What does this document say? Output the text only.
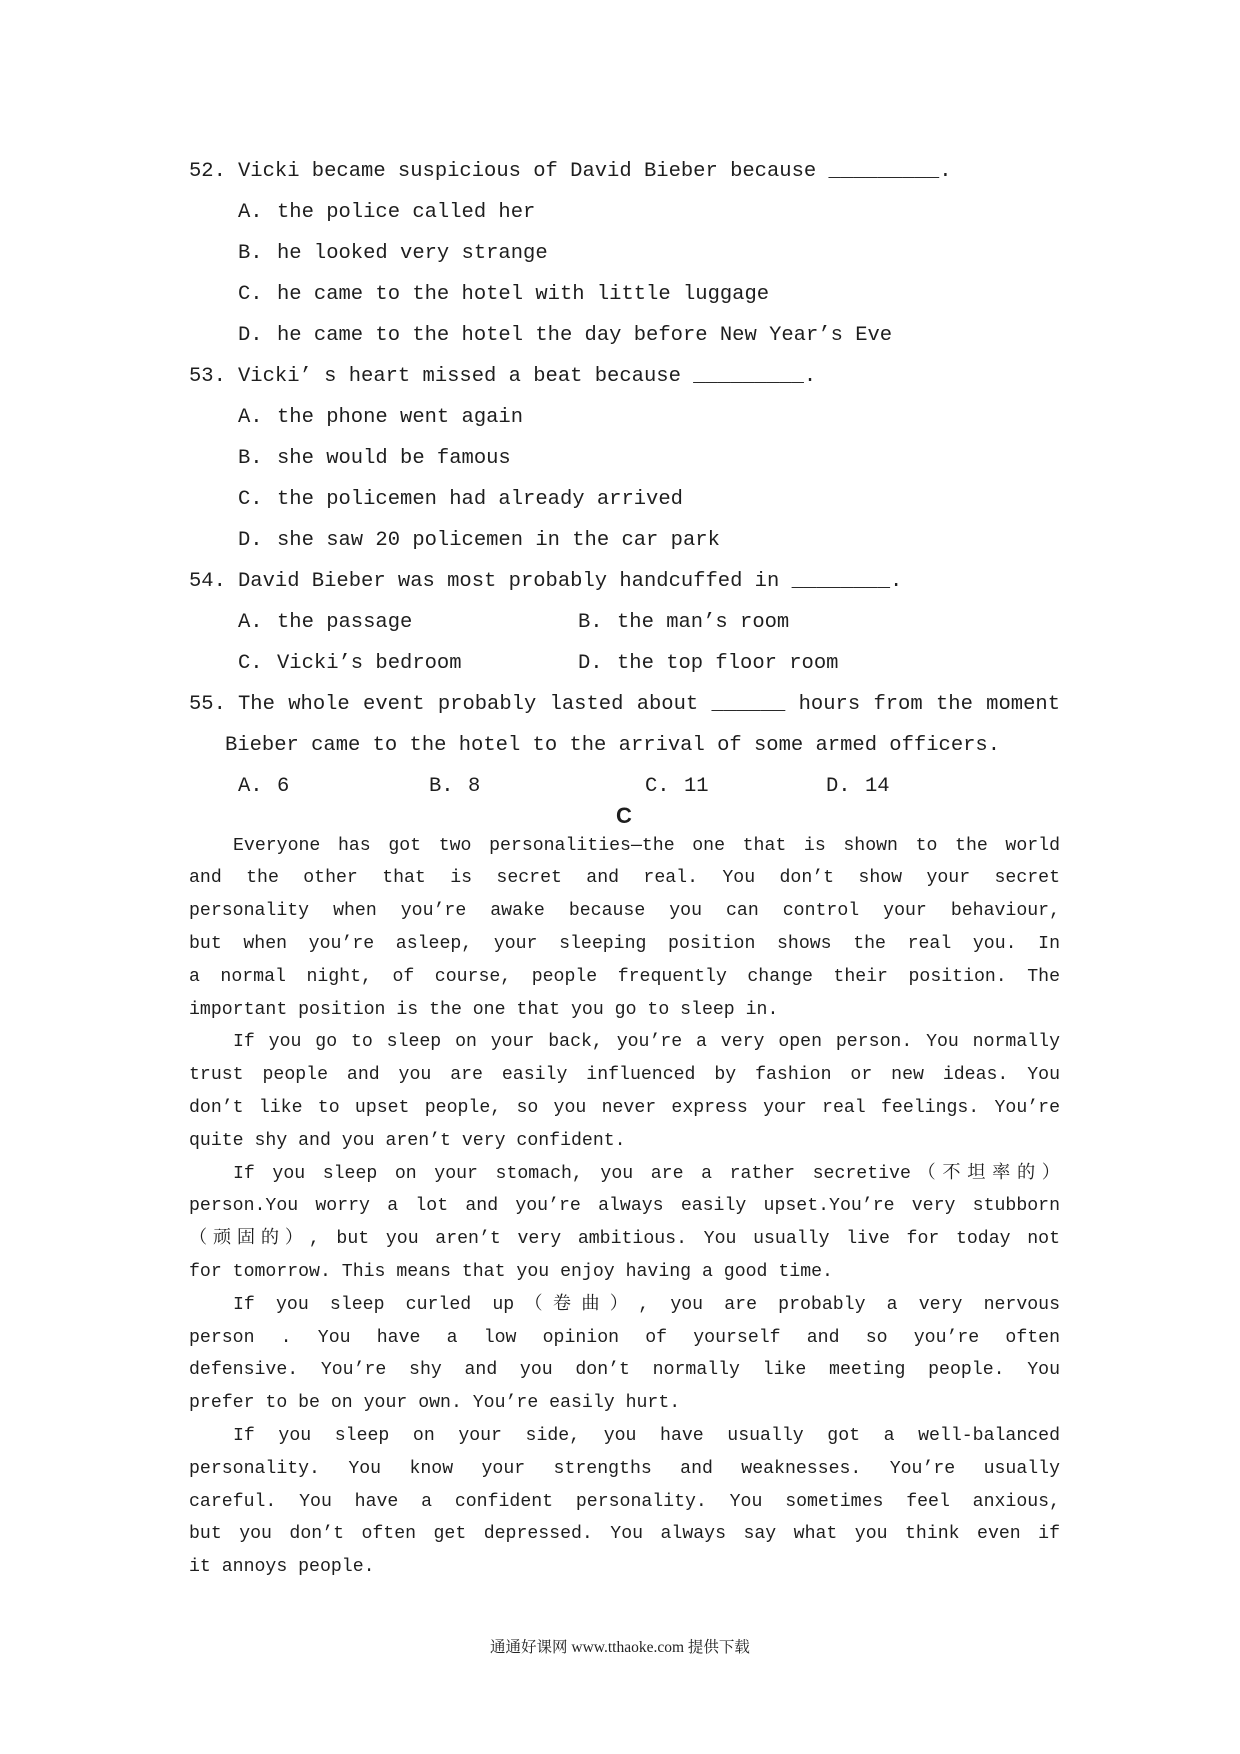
52. Vicki became suspicious of David Bieber because _________.
A. the police called her
B. he looked very strange
C. he came to the hotel with little luggage
D. he came to the hotel the day before New Year’s Eve
53. Vicki’ s heart missed a beat because _________.
A. the phone went again
B. she would be famous
C. the policemen had already arrived
D. she saw 20 policemen in the car park
54. David Bieber was most probably handcuffed in ________.
A. the passage	B. the man’s room
C. Vicki’s bedroom	D. the top floor room
55. The whole event probably lasted about ______ hours from the moment
Bieber came to the hotel to the arrival of some armed officers.
A. 6	B. 8	C. 11	D. 14
C
Everyone has got two personalities—the one that is shown to the world
and the other that is secret and real. You don’t show your secret
personality when you’re awake because you can control your behaviour,
but when you’re asleep, your sleeping position shows the real you. In
a normal night, of course, people frequently change their position. The
important position is the one that you go to sleep in.
If you go to sleep on your back, you’re a very open person. You normally
trust people and you are easily influenced by fashion or new ideas. You
don’t like to upset people, so you never express your real feelings. You’re
quite shy and you aren’t very confident.
If you sleep on your stomach, you are a rather secretive（不坦率的）
person.You worry a lot and you’re always easily upset.You’re very stubborn
（顽固的）, but you aren’t very ambitious. You usually live for today not
for tomorrow. This means that you enjoy having a good time.
If you sleep curled up（卷曲）, you are probably a very nervous
person . You have a low opinion of yourself and so you’re often
defensive. You’re shy and you don’t normally like meeting people. You
prefer to be on your own. You’re easily hurt.
If you sleep on your side, you have usually got a well-balanced
personality. You know your strengths and weaknesses. You’re usually
careful. You have a confident personality. You sometimes feel anxious,
but you don’t often get depressed. You always say what you think even if
it annoys people.
通通好课网 www.tthaoke.com 提供下载
